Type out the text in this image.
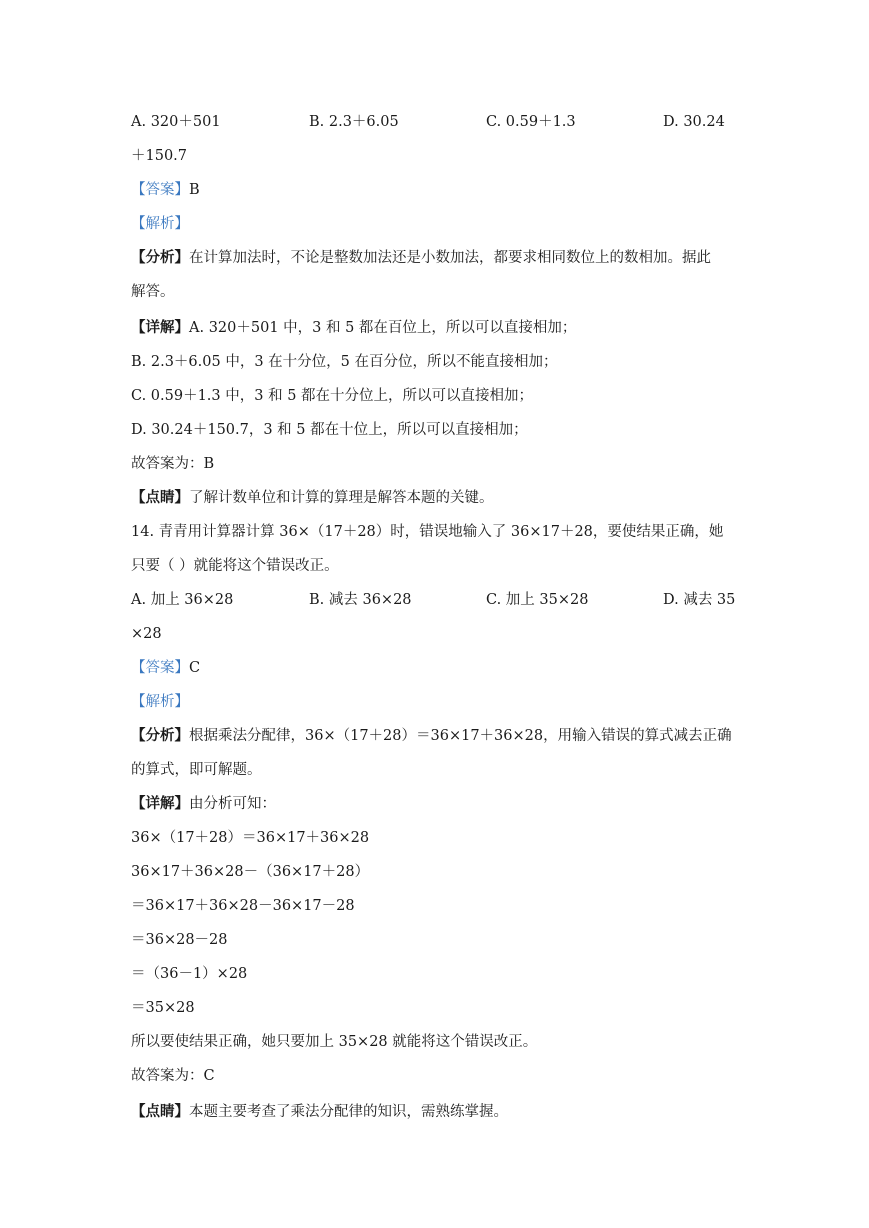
A. 320＋501	B. 2.3＋6.05	C. 0.59＋1.3	D. 30.24
＋150.7
【答案】B
【解析】
【分析】在计算加法时，不论是整数加法还是小数加法，都要求相同数位上的数相加。据此
解答。
【详解】A. 320＋501 中，3 和 5 都在百位上，所以可以直接相加；
B. 2.3＋6.05 中，3 在十分位，5 在百分位，所以不能直接相加；
C. 0.59＋1.3 中，3 和 5 都在十分位上，所以可以直接相加；
D. 30.24＋150.7，3 和 5 都在十位上，所以可以直接相加；
故答案为：B
【点睛】了解计数单位和计算的算理是解答本题的关键。
14. 青青用计算器计算 36×（17＋28）时，错误地输入了 36×17＋28，要使结果正确，她
只要（ ）就能将这个错误改正。
A. 加上 36×28	B. 减去 36×28	C. 加上 35×28	D. 减去 35
×28
【答案】C
【解析】
【分析】根据乘法分配律，36×（17＋28）＝36×17＋36×28，用输入错误的算式减去正确
的算式，即可解题。
【详解】由分析可知：
36×（17＋28）＝36×17＋36×28
36×17＋36×28－（36×17＋28）
＝36×17＋36×28－36×17－28
＝36×28－28
＝（36－1）×28
＝35×28
所以要使结果正确，她只要加上 35×28 就能将这个错误改正。
故答案为：C
【点睛】本题主要考查了乘法分配律的知识，需熟练掌握。
